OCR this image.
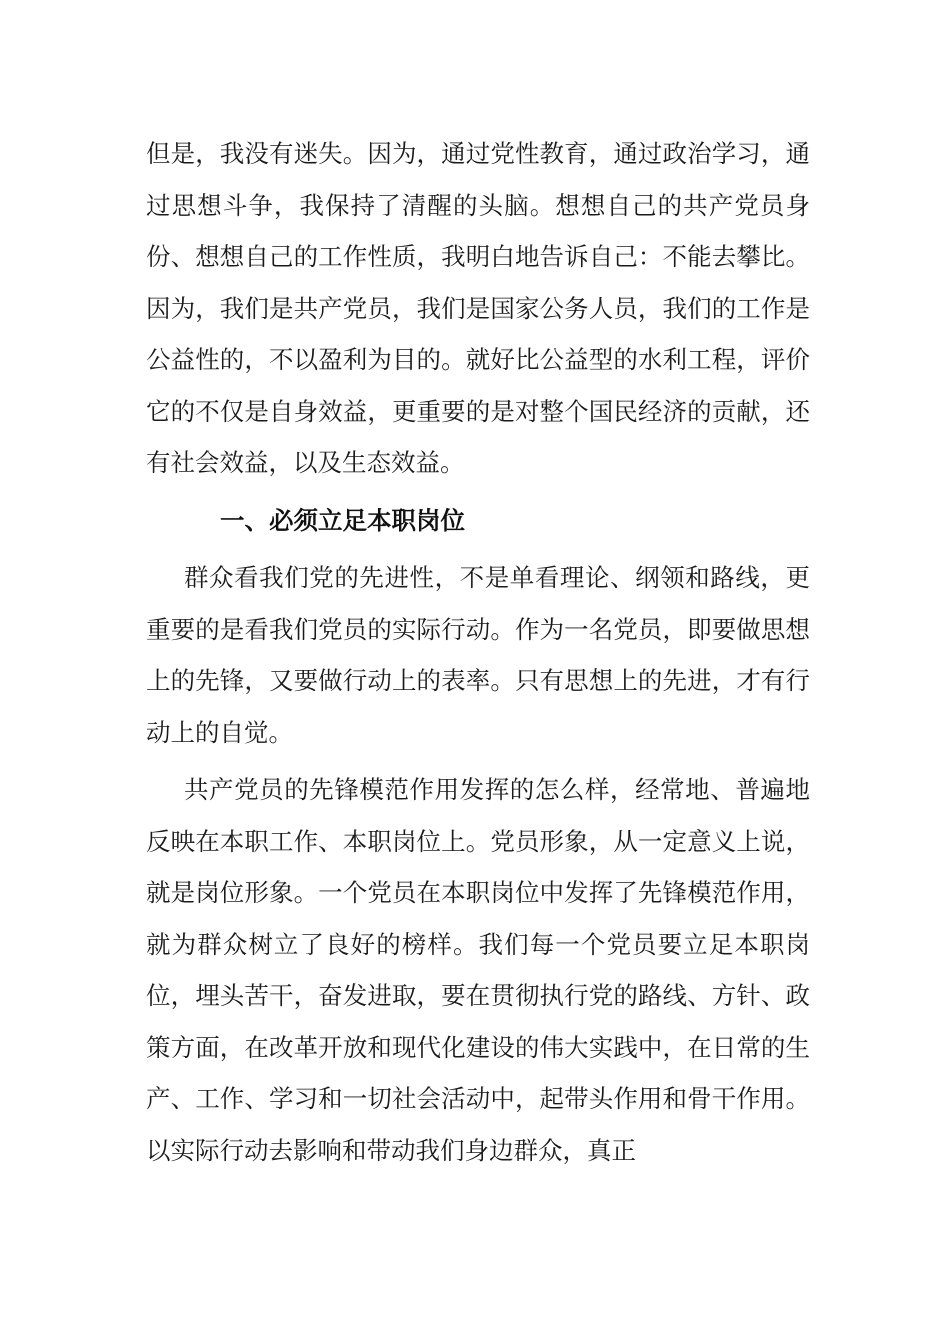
但是，我没有迷失。因为，通过党性教育，通过政治学习，通过思想斗争，我保持了清醒的头脑。想想自己的共产党员身份、想想自己的工作性质，我明白地告诉自己：不能去攀比。因为，我们是共产党员，我们是国家公务人员，我们的工作是公益性的，不以盈利为目的。就好比公益型的水利工程，评价它的不仅是自身效益，更重要的是对整个国民经济的贡献，还有社会效益，以及生态效益。

一、必须立足本职岗位

群众看我们党的先进性，不是单看理论、纲领和路线，更重要的是看我们党员的实际行动。作为一名党员，即要做思想上的先锋，又要做行动上的表率。只有思想上的先进，才有行动上的自觉。

共产党员的先锋模范作用发挥的怎么样，经常地、普遍地反映在本职工作、本职岗位上。党员形象，从一定意义上说，就是岗位形象。一个党员在本职岗位中发挥了先锋模范作用，就为群众树立了良好的榜样。我们每一个党员要立足本职岗位，埋头苦干，奋发进取，要在贯彻执行党的路线、方针、政策方面，在改革开放和现代化建设的伟大实践中，在日常的生产、工作、学习和一切社会活动中，起带头作用和骨干作用。以实际行动去影响和带动我们身边群众，真正
